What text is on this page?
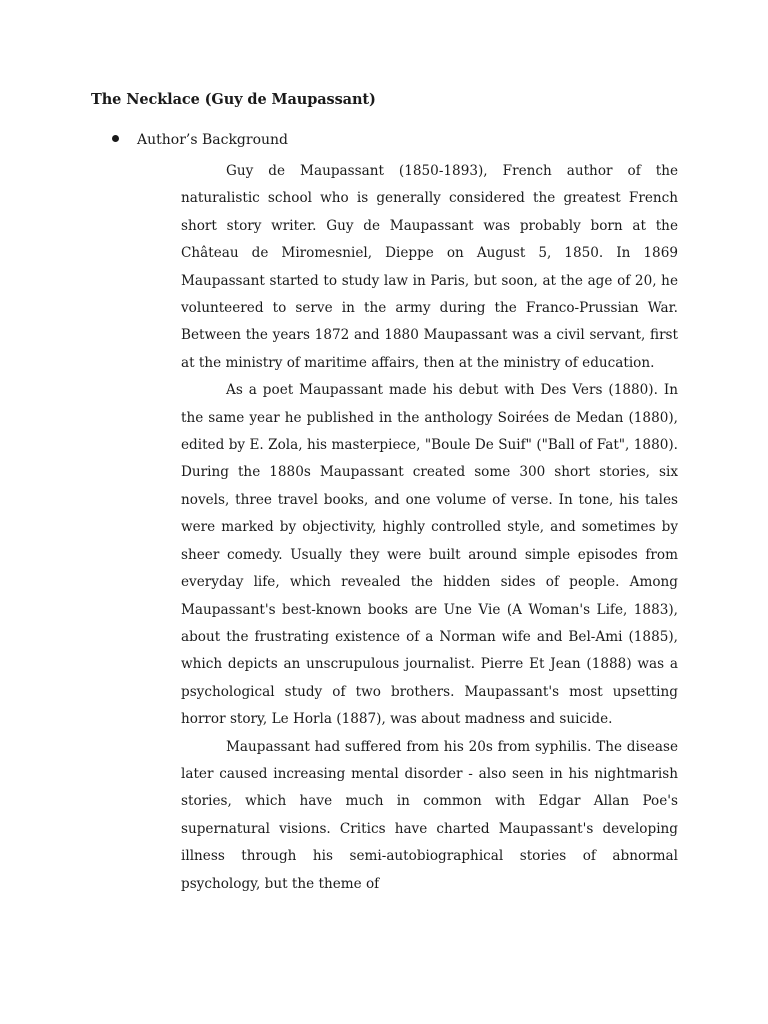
The Necklace (Guy de Maupassant)
Author’s Background

Guy de Maupassant (1850-1893), French author of the naturalistic school who is generally considered the greatest French short story writer. Guy de Maupassant was probably born at the Château de Miromesniel, Dieppe on August 5, 1850. In 1869 Maupassant started to study law in Paris, but soon, at the age of 20, he volunteered to serve in the army during the Franco-Prussian War. Between the years 1872 and 1880 Maupassant was a civil servant, first at the ministry of maritime affairs, then at the ministry of education.

As a poet Maupassant made his debut with Des Vers (1880). In the same year he published in the anthology Soirées de Medan (1880), edited by E. Zola, his masterpiece, "Boule De Suif" ("Ball of Fat", 1880). During the 1880s Maupassant created some 300 short stories, six novels, three travel books, and one volume of verse. In tone, his tales were marked by objectivity, highly controlled style, and sometimes by sheer comedy. Usually they were built around simple episodes from everyday life, which revealed the hidden sides of people. Among Maupassant's best-known books are Une Vie (A Woman's Life, 1883), about the frustrating existence of a Norman wife and Bel-Ami (1885), which depicts an unscrupulous journalist. Pierre Et Jean (1888) was a psychological study of two brothers. Maupassant's most upsetting horror story, Le Horla (1887), was about madness and suicide.

Maupassant had suffered from his 20s from syphilis. The disease later caused increasing mental disorder - also seen in his nightmarish stories, which have much in common with Edgar Allan Poe's supernatural visions. Critics have charted Maupassant's developing illness through his semi-autobiographical stories of abnormal psychology, but the theme of
